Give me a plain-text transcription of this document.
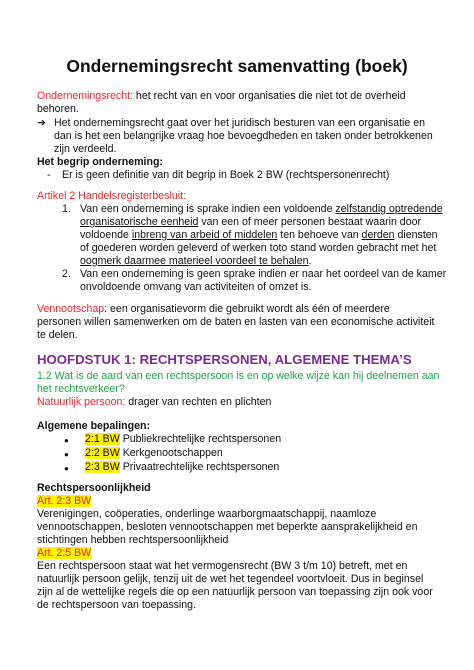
Ondernemingsrecht samenvatting (boek)
Ondernemingsrecht: het recht van en voor organisaties die niet tot de overheid
behoren.
➔ Het ondernemingsrecht gaat over het juridisch besturen van een organisatie en
dan is het een belangrijke vraag hoe bevoegdheden en taken onder betrokkenen
zijn verdeeld.
Het begrip onderneming:
- Er is geen definitie van dit begrip in Boek 2 BW (rechtspersonenrecht)
Artikel 2 Handelsregisterbesluit:
1. Van een onderneming is sprake indien een voldoende zelfstandig optredende
organisatorische eenheid van een of meer personen bestaat waarin door
voldoende inbreng van arbeid of middelen ten behoeve van derden diensten
of goederen worden geleverd of werken toto stand worden gebracht met het
oogmerk daarmee materieel voordeel te behalen.
2. Van een onderneming is geen sprake indien er naar het oordeel van de kamer
onvoldoende omvang van activiteiten of omzet is.
Vennootschap: een organisatievorm die gebruikt wordt als één of meerdere
personen willen samenwerken om de baten en lasten van een economische activiteit
te delen.
HOOFDSTUK 1: RECHTSPERSONEN, ALGEMENE THEMA’S
1.2 Wat is de aard van een rechtspersoon is en op welke wijze kan hij deelnemen aan
het rechtsverkeer?
Natuurlijk persoon: drager van rechten en plichten
Algemene bepalingen:
● 2:1 BW Publiekrechtelijke rechtspersonen
● 2:2 BW Kerkgenootschappen
● 2:3 BW Privaatrechtelijke rechtspersonen
Rechtspersoonlijkheid
Art. 2:3 BW
Verenigingen, coöperaties, onderlinge waarborgmaatschappij, naamloze
vennootschappen, besloten vennootschappen met beperkte aansprakelijkheid en
stichtingen hebben rechtspersoonlijkheid
Art. 2:5 BW
Een rechtspersoon staat wat het vermogensrecht (BW 3 t/m 10) betreft, met en
natuurlijk persoon gelijk, tenzij uit de wet het tegendeel voortvloeit. Dus in beginsel
zijn al de wettelijke regels die op een natuurlijk persoon van toepassing zijn ook voor
de rechtspersoon van toepassing.
